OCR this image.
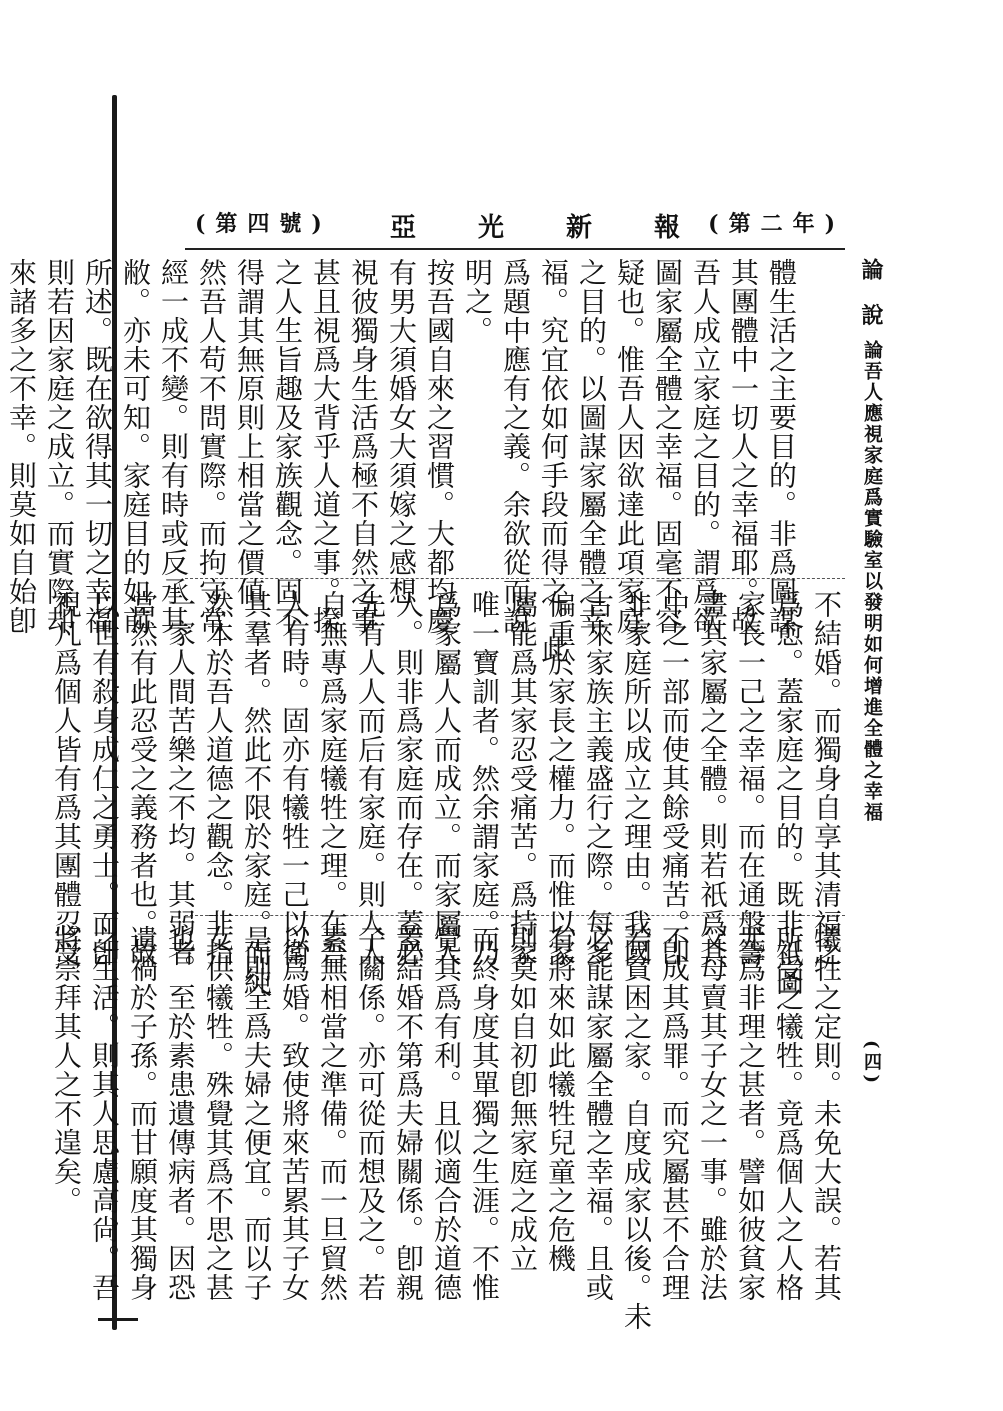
(第四號) 亞光新報
(第二年)
論 說
論吾人應視家庭爲實驗室以發明如何增進全體之幸福
(四)

體生活之主要目的。非爲圖謀

其團體中一切人之幸福耶。故

吾人成立家庭之目的。謂爲欲

圖家屬全體之幸福。固毫不容

疑也。惟吾人因欲達此項家庭

之目的。以圖謀家屬全體之幸

福。究宜依如何手段而得之。此

爲題中應有之義。余欲從而說

明之。

按吾國自來之習慣。大都均慶

有男大須婚女大須嫁之感想

視彼獨身生活爲極不自然之事

甚且視爲大背乎人道之事。揆

之人生旨趣及家族觀念。固不

得謂其無原則上相當之價値

然吾人苟不問實際。而拘守常

經一成不變。則有時或反承其

敝。亦未可知。家庭目的如前

所述。既在欲得其一切之幸福

則若因家庭之成立。而實際却

來諸多之不幸。則莫如自始卽

不結婚。而獨身自享其清福之

爲愈。蓋家庭之目的。既非祇圖

家長一己之幸福。而在通盤籌

畫其家屬之全體。則若祇爲其

中之一部而使其餘受痛苦。卽

非家庭所以成立之理由。我國

古來家族主義盛行之際。每多

偏重於家長之權力。而惟以家

屬能爲其家忍受痛苦。爲持家

唯一寶訓者。然余謂家庭。乃

爲家屬人人而成立。而家屬人

人。則非爲家庭而存在。蓋必

先有人人而后有家庭。則人人

自無專爲家庭犧牲之理。在吾

人有時。固亦有犧牲一己以衛

其羣者。然此不限於家庭。而純

然本於吾人道德之觀念。非指

一家人間苦樂之不均。其弱者

當然有此忍受之義務者也。故

以世有殺身成仁之勇士。而卽

視凡爲個人皆有爲其團體忍受

犧牲之定則。未免大誤。若其

所受之犧牲。竟爲個人之人格

尤爲非理之甚者。譬如彼貧家

父母賣其子女之一事。雖於法

不成其爲罪。而究屬甚不合理

若貧困之家。自度成家以後。未

必能謀家屬全體之幸福。且或

有將來如此犧牲兒童之危機

則莫如自初卽無家庭之成立

而終身度其單獨之生涯。不惟

覺其爲有利。且似適合於道德

蓋結婚不第爲夫婦關係。卽親

子關係。亦可從而想及之。若

素無相當之準備。而一旦貿然

以爲婚。致使將來苦累其子女

是則全爲夫婦之便宜。而以子

女供犧牲。殊覺其爲不思之甚

也。至於素患遺傳病者。因恐

遺禍於子孫。而甘願度其獨身

之生活。則其人思慮高尙。吾

將崇拜其人之不遑矣。
